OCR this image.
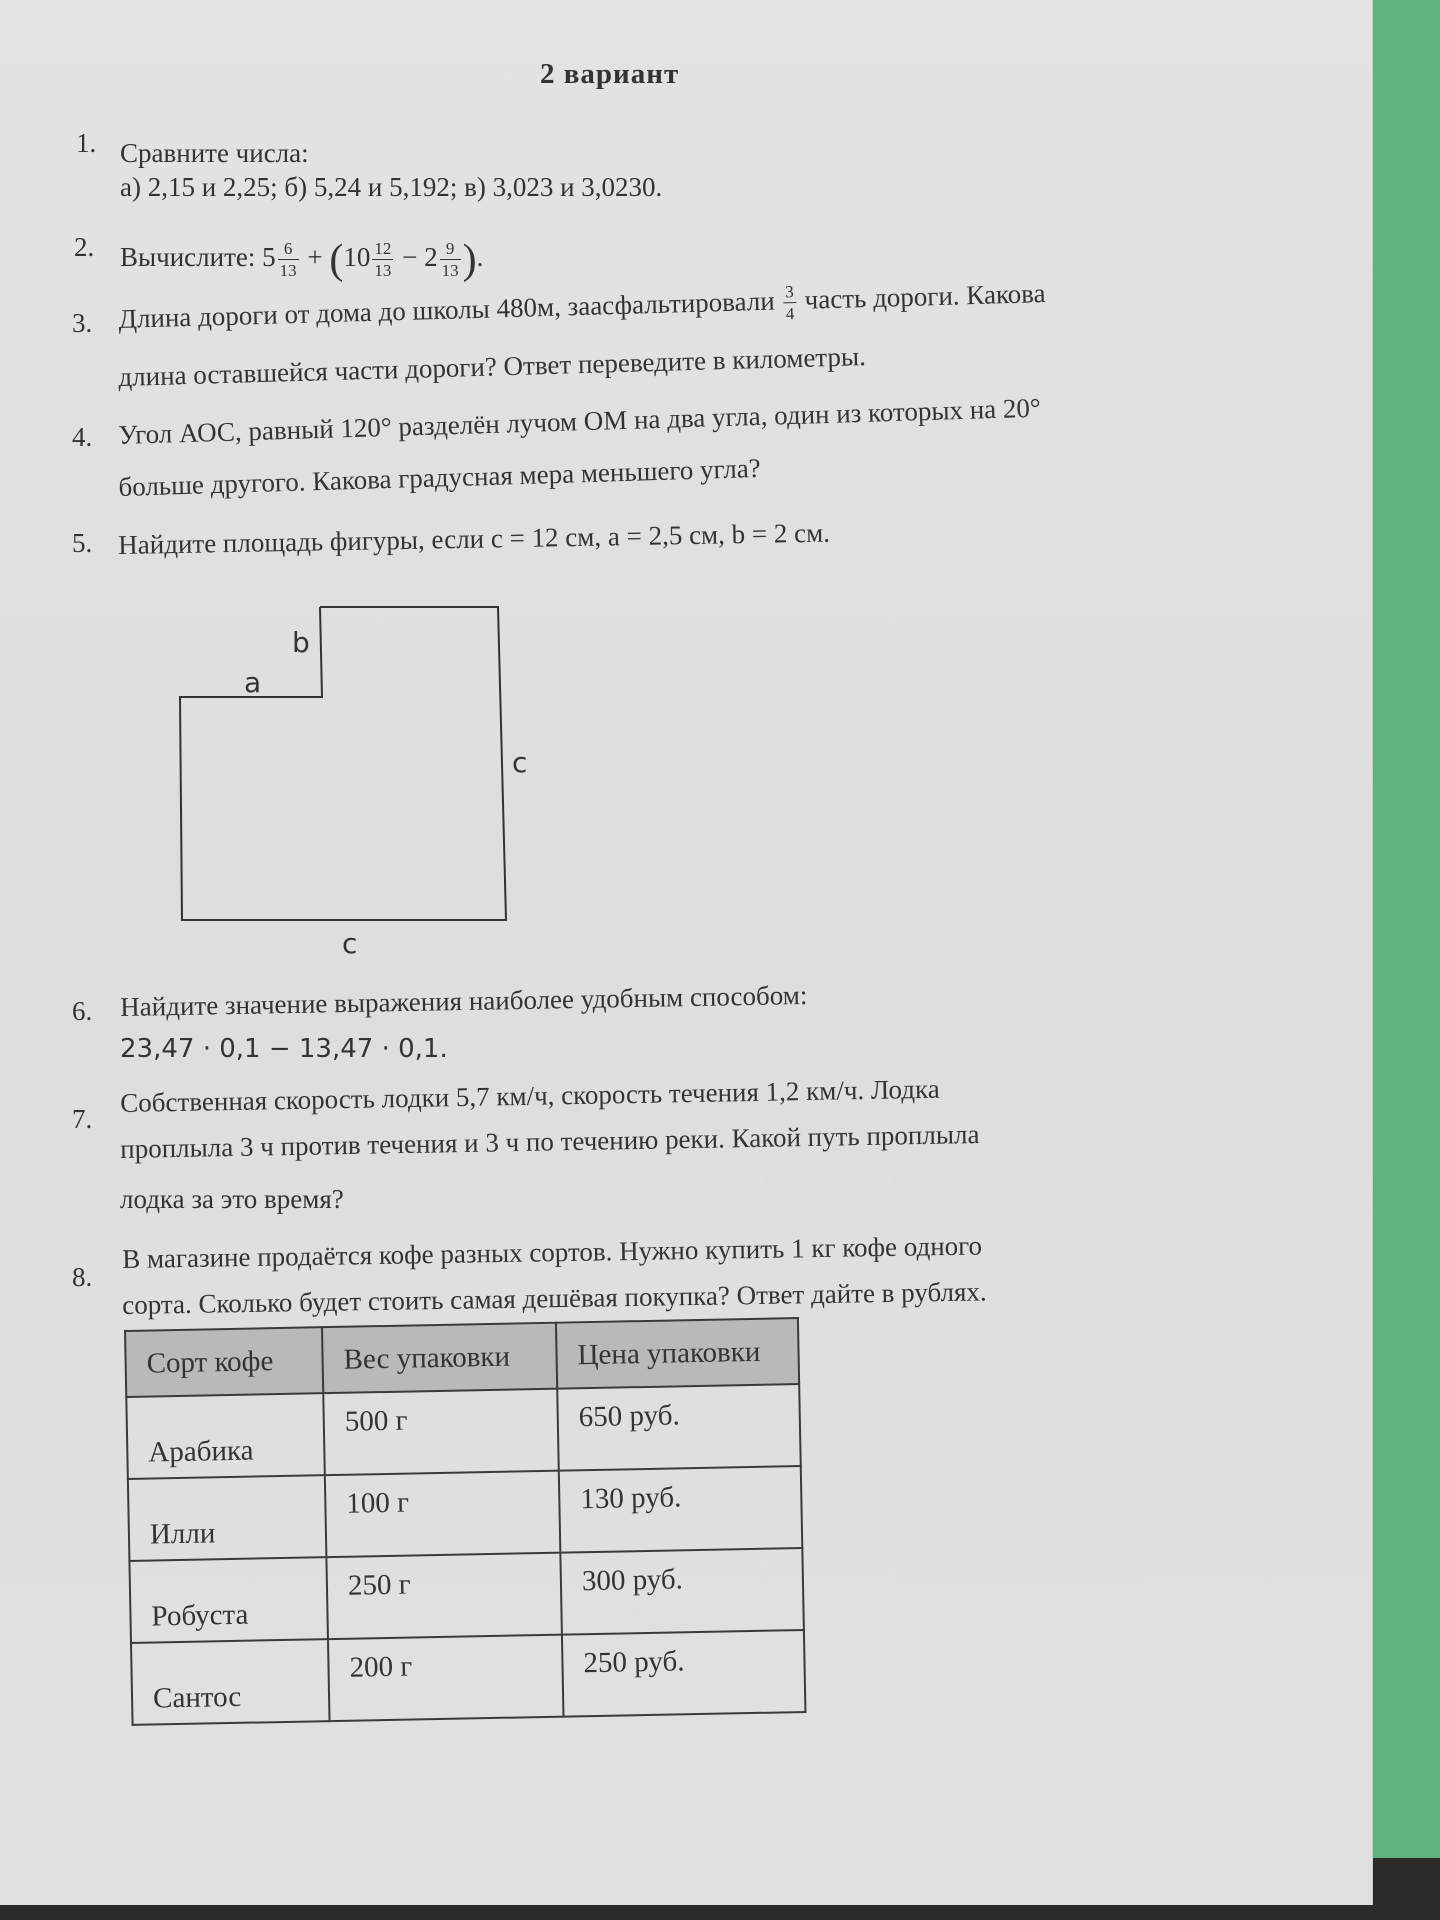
2 вариант
1. Сравните числа:
а) 2,15 и 2,25; б) 5,24 и 5,192; в) 3,023 и 3,0230.
2. Вычислите: $5 \frac{6}{13} + (10 \frac{12}{13} - 2 \frac{9}{13}$ ).
3. Длина дороги от дома до школы 480м, заасфальтировали $\frac{3}{4}$ часть дороги. Какова
длина оставшейся части дороги? Ответ переведите в километры.
4. Угол АОС, равный 120° разделён лучом ОМ на два угла, один из которых на 20°
больше другого. Какова градусная мера меньшего угла?
5. Найдите площадь фигуры, если c = 12 см, a = 2,5 см, b = 2 см.
b
a
c
c
6. Найдите значение выражения наиболее удобным способом:
23,47 · 0,1 − 13,47 · 0,1.
7.
Собственная скорость лодки 5,7 км/ч, скорость течения 1,2 км/ч. Лодка
проплыла 3 ч против течения и 3 ч по течению реки. Какой путь проплыла
лодка за это время?
8.
В магазине продаётся кофе разных сортов. Нужно купить 1 кг кофе одного
сорта. Сколько будет стоить самая дешёвая покупка? Ответ дайте в рублях.
Сорт кофе	Вес упаковки	Цена упаковки
Арабика	500 г	650 руб.
Илли	100 г	130 руб.
Робуста	250 г	300 руб.
Сантос	200 г	250 руб.
